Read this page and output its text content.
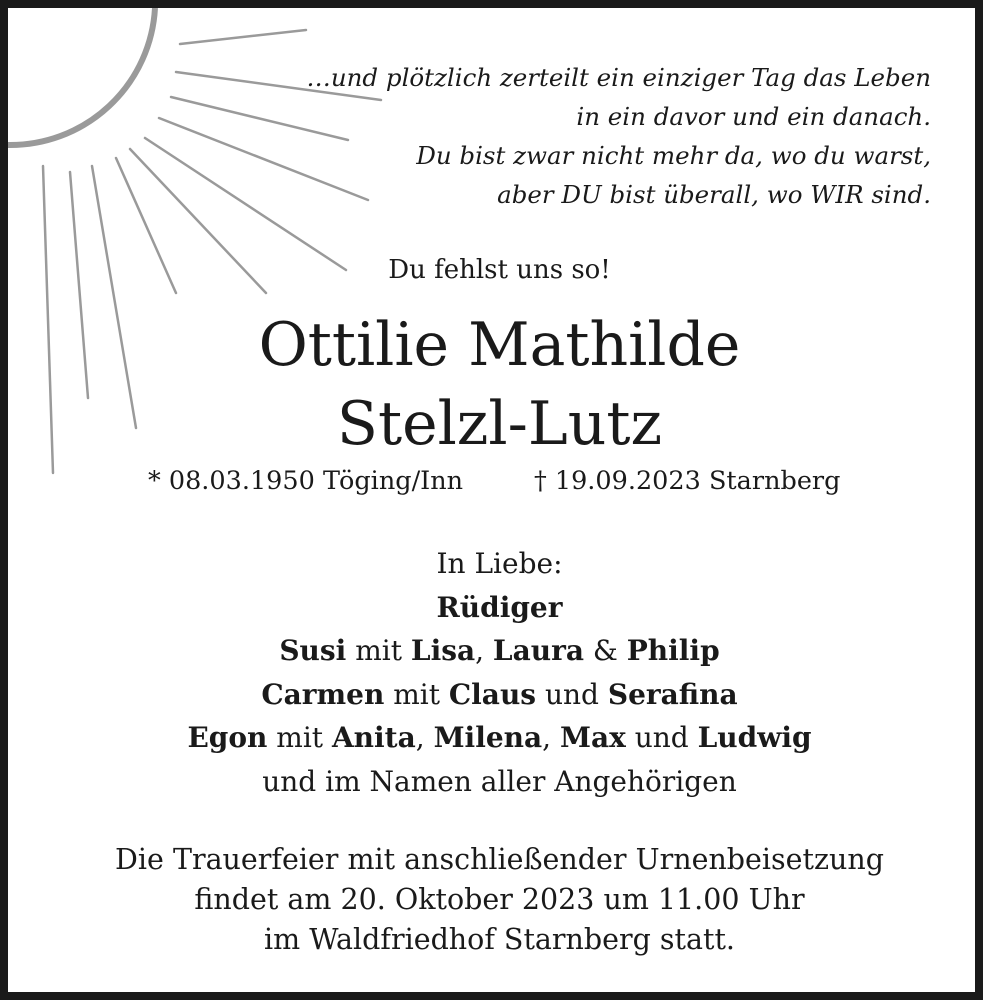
…und plötzlich zerteilt ein einziger Tag das Leben
in ein davor und ein danach.
Du bist zwar nicht mehr da, wo du warst,
aber DU bist überall, wo WIR sind.
Du fehlst uns so!
Ottilie Mathilde
Stelzl-Lutz
* 08.03.1950 Töging/Inn	† 19.09.2023 Starnberg
In Liebe:
Rüdiger
Susi mit Lisa, Laura & Philip
Carmen mit Claus und Serafina
Egon mit Anita, Milena, Max und Ludwig
und im Namen aller Angehörigen
Die Trauerfeier mit anschließender Urnenbeisetzung
findet am 20. Oktober 2023 um 11.00 Uhr
im Waldfriedhof Starnberg statt.
